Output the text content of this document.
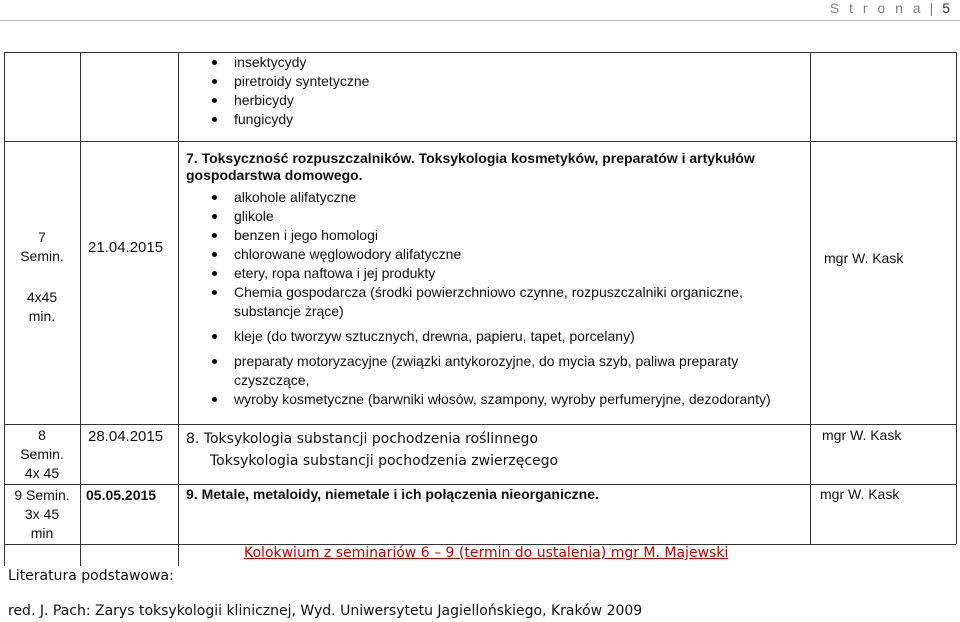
S t r o n a | 5
insektycydy
piretroidy syntetyczne
herbicydy
fungicydy
7
Semin.
4x45
min.
21.04.2015
7. Toksyczność rozpuszczalników. Toksykologia kosmetyków, preparatów i artykułów gospodarstwa domowego.
alkohole alifatyczne
glikole
benzen i jego homologi
chlorowane węglowodory alifatyczne
etery, ropa naftowa i jej produkty
Chemia gospodarcza (środki powierzchniowo czynne, rozpuszczalniki organiczne, substancje żrące)
kleje (do tworzyw sztucznych, drewna, papieru, tapet, porcelany)
preparaty motoryzacyjne (związki antykorozyjne, do mycia szyb, paliwa preparaty czyszczące,
wyroby kosmetyczne (barwniki włosów, szampony, wyroby perfumeryjne, dezodoranty)
mgr W. Kask
8
Semin.
4x 45
28.04.2015 8. Toksykologia substancji pochodzenia roślinnego
Toksykologia substancji pochodzenia zwierzęcego
mgr W. Kask
9 Semin.
3x 45
min
05.05.2015 9. Metale, metaloidy, niemetale i ich połączenia nieorganiczne.	mgr W. Kask
Literatura podstawowa:
Kolokwium z seminariów 6 – 9 (termin do ustalenia) mgr M. Majewski
red. J. Pach: Zarys toksykologii klinicznej, Wyd. Uniwersytetu Jagiellońskiego, Kraków 2009
